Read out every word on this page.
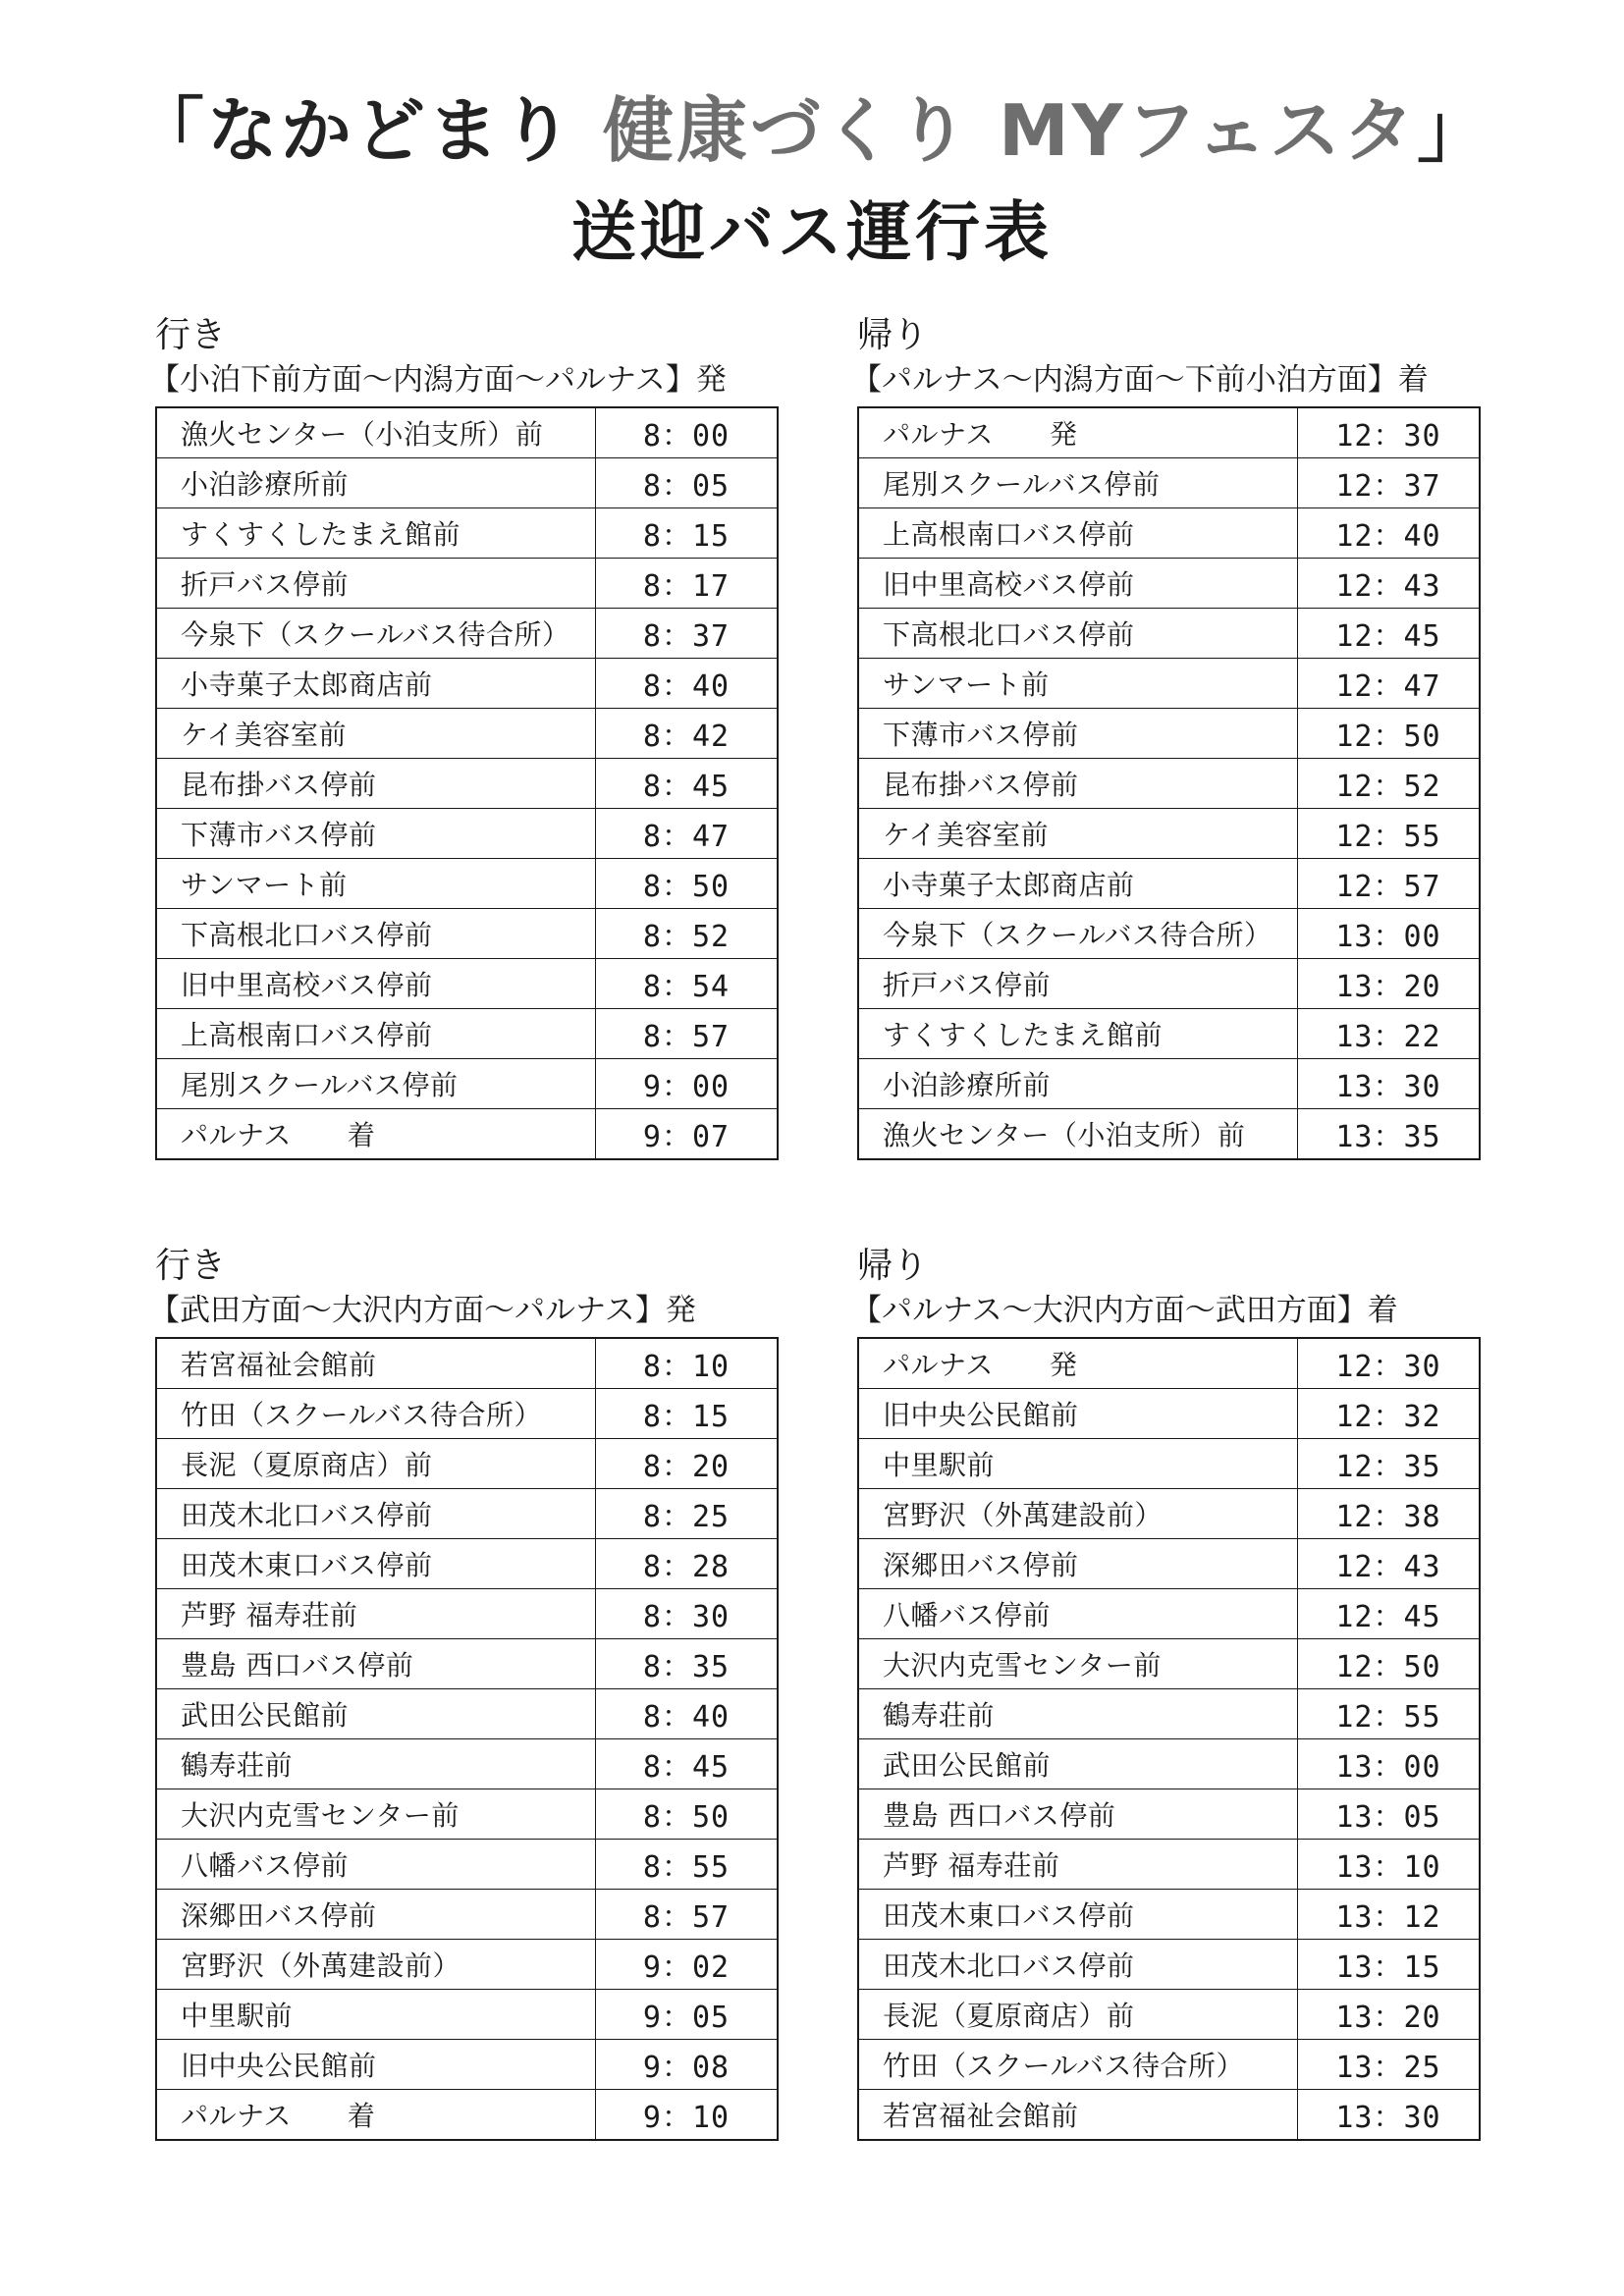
「なかどまり 健康づくり MYフェスタ」
送迎バス運行表
行き
【小泊下前方面〜内潟方面〜パルナス】発
漁火センター（小泊支所）前	8：00
小泊診療所前	8：05
すくすくしたまえ館前	8：15
折戸バス停前	8：17
今泉下（スクールバス待合所）	8：37
小寺菓子太郎商店前	8：40
ケイ美容室前	8：42
昆布掛バス停前	8：45
下薄市バス停前	8：47
サンマート前	8：50
下高根北口バス停前	8：52
旧中里高校バス停前	8：54
上高根南口バス停前	8：57
尾別スクールバス停前	9：00
パルナス　　着	9：07
帰り
【パルナス〜内潟方面〜下前小泊方面】着
パルナス　　発	12：30
尾別スクールバス停前	12：37
上高根南口バス停前	12：40
旧中里高校バス停前	12：43
下高根北口バス停前	12：45
サンマート前	12：47
下薄市バス停前	12：50
昆布掛バス停前	12：52
ケイ美容室前	12：55
小寺菓子太郎商店前	12：57
今泉下（スクールバス待合所）	13：00
折戸バス停前	13：20
すくすくしたまえ館前	13：22
小泊診療所前	13：30
漁火センター（小泊支所）前	13：35
行き
【武田方面〜大沢内方面〜パルナス】発
若宮福祉会館前	8：10
竹田（スクールバス待合所）	8：15
長泥（夏原商店）前	8：20
田茂木北口バス停前	8：25
田茂木東口バス停前	8：28
芦野 福寿荘前	8：30
豊島 西口バス停前	8：35
武田公民館前	8：40
鶴寿荘前	8：45
大沢内克雪センター前	8：50
八幡バス停前	8：55
深郷田バス停前	8：57
宮野沢（外萬建設前）	9：02
中里駅前	9：05
旧中央公民館前	9：08
パルナス　　着	9：10
帰り
【パルナス〜大沢内方面〜武田方面】着
パルナス　　発	12：30
旧中央公民館前	12：32
中里駅前	12：35
宮野沢（外萬建設前）	12：38
深郷田バス停前	12：43
八幡バス停前	12：45
大沢内克雪センター前	12：50
鶴寿荘前	12：55
武田公民館前	13：00
豊島 西口バス停前	13：05
芦野 福寿荘前	13：10
田茂木東口バス停前	13：12
田茂木北口バス停前	13：15
長泥（夏原商店）前	13：20
竹田（スクールバス待合所）	13：25
若宮福祉会館前	13：30
